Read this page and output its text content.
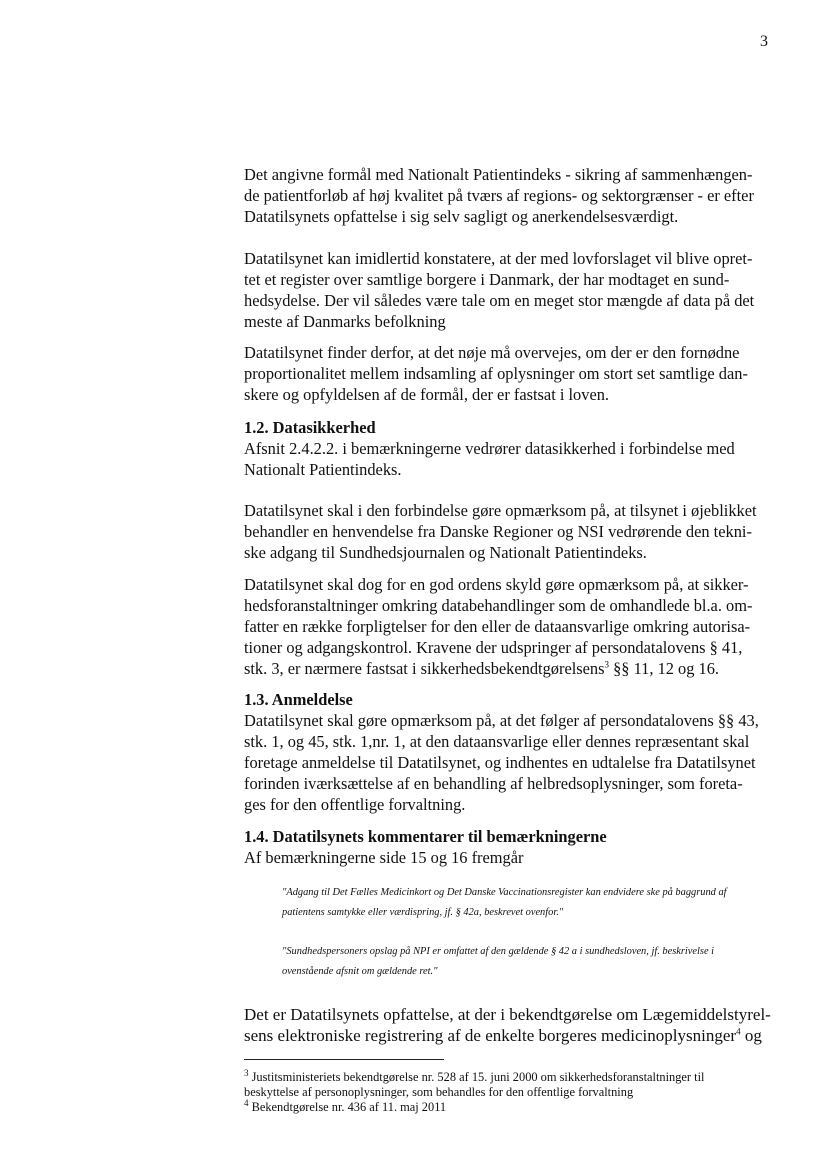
3

Det angivne formål med Nationalt Patientindeks - sikring af sammenhængen-
de patientforløb af høj kvalitet på tværs af regions- og sektorgrænser - er efter
Datatilsynets opfattelse i sig selv sagligt og anerkendelsesværdigt.

Datatilsynet kan imidlertid konstatere, at der med lovforslaget vil blive opret-
tet et register over samtlige borgere i Danmark, der har modtaget en sund-
hedsydelse. Der vil således være tale om en meget stor mængde af data på det
meste af Danmarks befolkning

Datatilsynet finder derfor, at det nøje må overvejes, om der er den fornødne
proportionalitet mellem indsamling af oplysninger om stort set samtlige dan-
skere og opfyldelsen af de formål, der er fastsat i loven.

1.2. Datasikkerhed

Afsnit 2.4.2.2. i bemærkningerne vedrører datasikkerhed i forbindelse med
Nationalt Patientindeks.

Datatilsynet skal i den forbindelse gøre opmærksom på, at tilsynet i øjeblikket
behandler en henvendelse fra Danske Regioner og NSI vedrørende den tekni-
ske adgang til Sundhedsjournalen og Nationalt Patientindeks.

Datatilsynet skal dog for en god ordens skyld gøre opmærksom på, at sikker-
hedsforanstaltninger omkring databehandlinger som de omhandlede bl.a. om-
fatter en række forpligtelser for den eller de dataansvarlige omkring autorisa-
tioner og adgangskontrol. Kravene der udspringer af persondatalovens § 41,
stk. 3, er nærmere fastsat i sikkerhedsbekendtgørelsens$^3$ §§ 11, 12 og 16.

1.3. Anmeldelse

Datatilsynet skal gøre opmærksom på, at det følger af persondatalovens §§ 43,
stk. 1, og 45, stk. 1,nr. 1, at den dataansvarlige eller dennes repræsentant skal
foretage anmeldelse til Datatilsynet, og indhentes en udtalelse fra Datatilsynet
forinden iværksættelse af en behandling af helbredsoplysninger, som foreta-
ges for den offentlige forvaltning.

1.4. Datatilsynets kommentarer til bemærkningerne

Af bemærkningerne side 15 og 16 fremgår

"Adgang til Det Fælles Medicinkort og Det Danske Vaccinationsregister kan endvidere ske på baggrund af
patientens samtykke eller værdispring, jf. § 42a, beskrevet ovenfor."

"Sundhedspersoners opslag på NPI er omfattet af den gældende § 42 a i sundhedsloven, jf. beskrivelse i
ovenstående afsnit om gældende ret."

Det er Datatilsynets opfattelse, at der i bekendtgørelse om Lægemiddelstyrel-
sens elektroniske registrering af de enkelte borgeres medicinoplysninger$^4$ og

$^3$ Justitsministeriets bekendtgørelse nr. 528 af 15. juni 2000 om sikkerhedsforanstaltninger til
beskyttelse af personoplysninger, som behandles for den offentlige forvaltning

$^4$ Bekendtgørelse nr. 436 af 11. maj 2011
